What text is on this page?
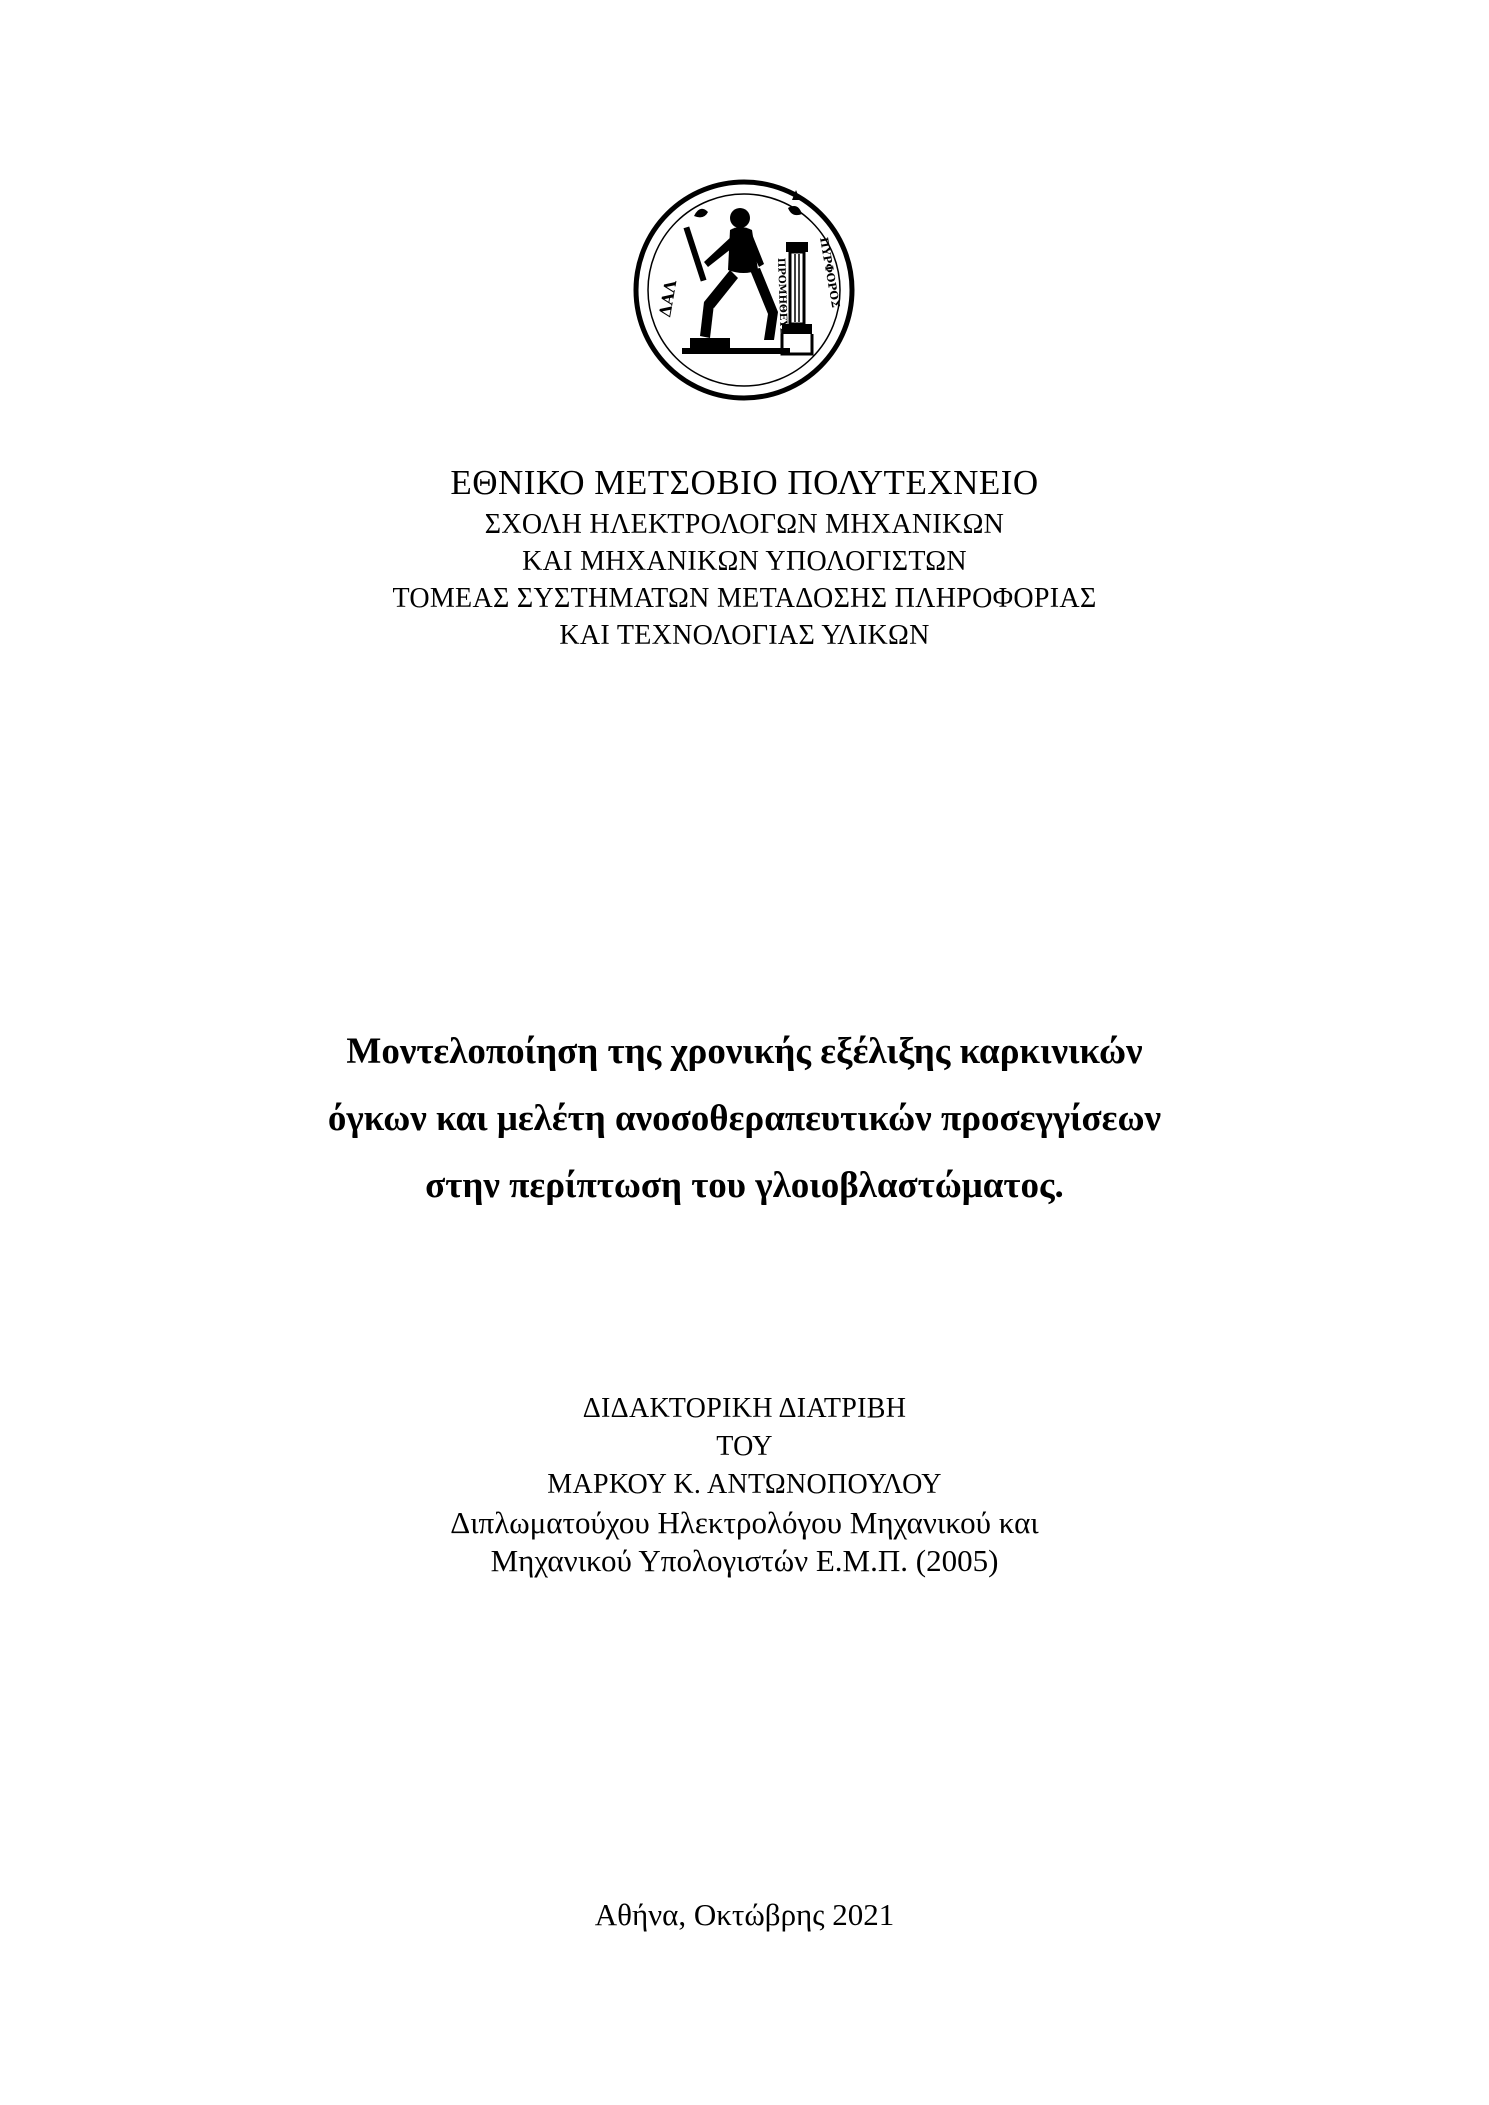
ΔΑΛ	ΠΥΡΦΟΡΟΣ
ΠΡΟΜΗΘΕΥΣ
ΕΘΝΙΚΟ ΜΕΤΣΟΒΙΟ ΠΟΛΥΤΕΧΝΕΙΟ
ΣΧΟΛΗ ΗΛΕΚΤΡΟΛΟΓΩΝ ΜΗΧΑΝΙΚΩΝ
ΚΑΙ ΜΗΧΑΝΙΚΩΝ ΥΠΟΛΟΓΙΣΤΩΝ
ΤΟΜΕΑΣ ΣΥΣΤΗΜΑΤΩΝ ΜΕΤΑΔΟΣΗΣ ΠΛΗΡΟΦΟΡΙΑΣ
ΚΑΙ ΤΕΧΝΟΛΟΓΙΑΣ ΥΛΙΚΩΝ
Μοντελοποίηση της χρονικής εξέλιξης καρκινικών
όγκων και μελέτη ανοσοθεραπευτικών προσεγγίσεων
στην περίπτωση του γλοιοβλαστώματος.
ΔΙΔΑΚΤΟΡΙΚΗ ΔΙΑΤΡΙΒΗ
ΤΟΥ
ΜΑΡΚΟΥ Κ. ΑΝΤΩΝΟΠΟΥΛΟΥ
Διπλωματούχου Ηλεκτρολόγου Μηχανικού και
Μηχανικού Υπολογιστών Ε.Μ.Π. (2005)
Αθήνα, Οκτώβρης 2021
